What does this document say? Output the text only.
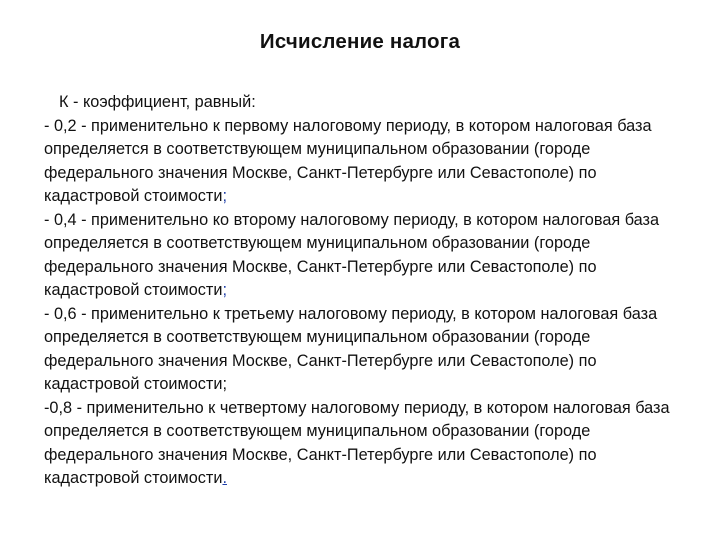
Исчисление налога

К - коэффициент, равный:

- 0,2 - применительно к первому налоговому периоду, в котором налоговая база определяется в соответствующем муниципальном образовании (городе федерального значения Москве, Санкт-Петербурге или Севастополе) по кадастровой стоимости;

- 0,4 - применительно ко второму налоговому периоду, в котором налоговая база определяется в соответствующем муниципальном образовании (городе федерального значения Москве, Санкт-Петербурге или Севастополе) по кадастровой стоимости;

- 0,6 - применительно к третьему налоговому периоду, в котором налоговая база определяется в соответствующем муниципальном образовании (городе федерального значения Москве, Санкт-Петербурге или Севастополе) по кадастровой стоимости;

-0,8 - применительно к четвертому налоговому периоду, в котором налоговая база определяется в соответствующем муниципальном образовании (городе федерального значения Москве, Санкт-Петербурге или Севастополе) по кадастровой стоимости.
